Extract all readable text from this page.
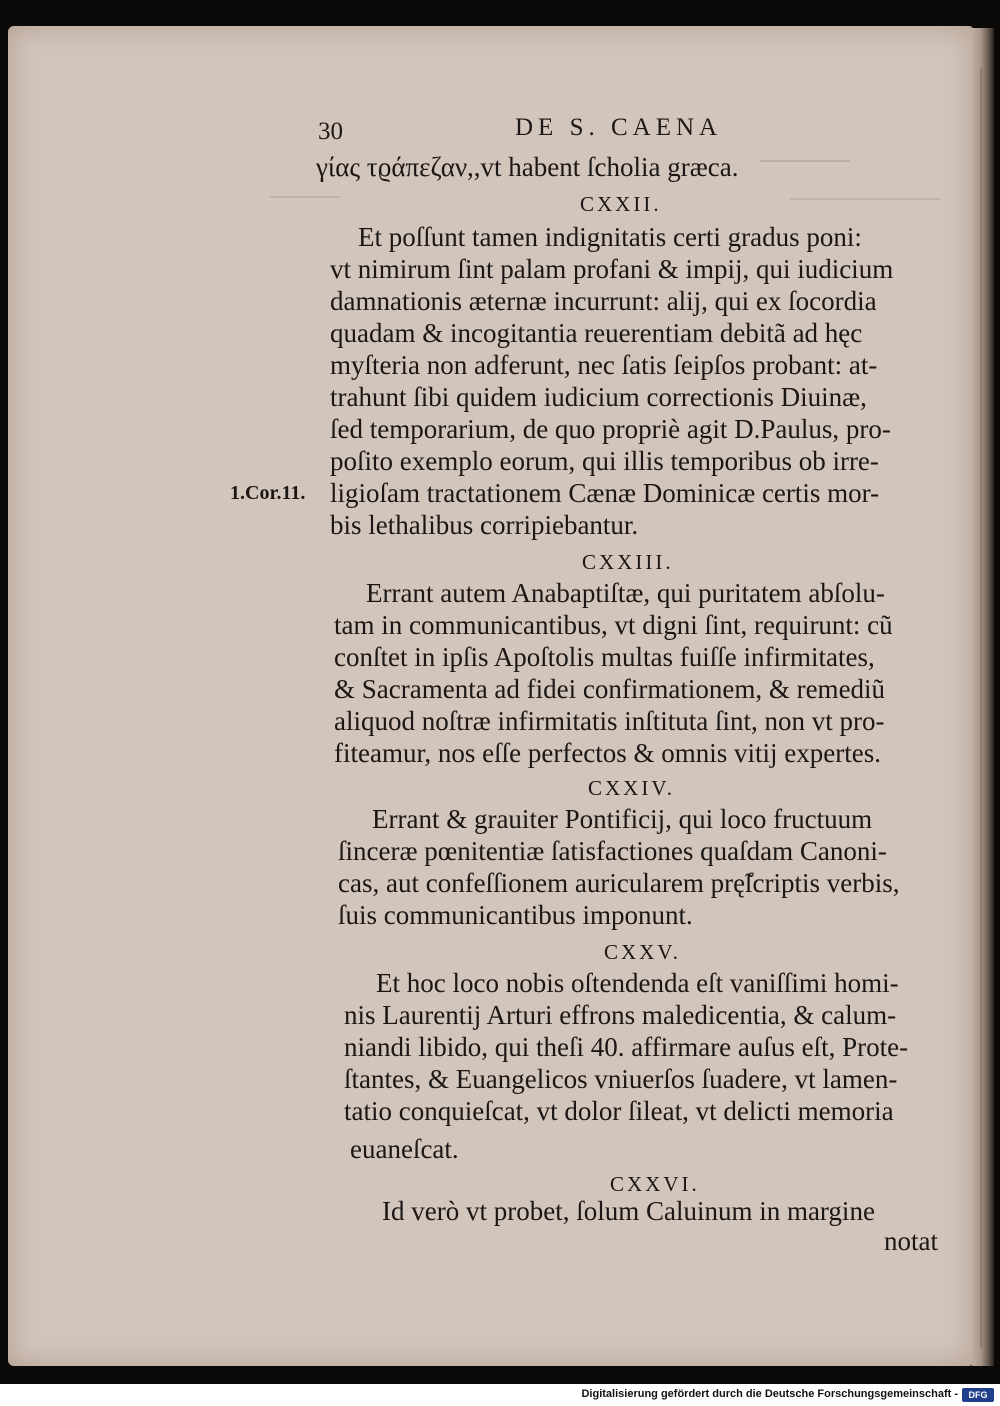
30	DE S. CAENA
1.Cor.11.
γίας τϱάπεζαν,,vt habent ſcholia græca.
CXXII.
Et poſſunt tamen indignitatis certi gradus poni:
vt nimirum ſint palam profani & impij, qui iudicium
damnationis æternæ incurrunt: alij, qui ex ſocordia
quadam & incogitantia reuerentiam debitã ad hęc
myſteria non adferunt, nec ſatis ſeipſos probant: at-
trahunt ſibi quidem iudicium correctionis Diuinæ,
ſed temporarium, de quo propriè agit D.Paulus, pro-
poſito exemplo eorum, qui illis temporibus ob irre-
ligioſam tractationem Cænæ Dominicæ certis mor-
bis lethalibus corripiebantur.
CXXIII.
Errant autem Anabaptiſtæ, qui puritatem abſolu-
tam in communicantibus, vt digni ſint, requirunt: cũ
conſtet in ipſis Apoſtolis multas fuiſſe infirmitates,
& Sacramenta ad fidei confirmationem, & remediũ
aliquod noſtræ infirmitatis inſtituta ſint, non vt pro-
fiteamur, nos eſſe perfectos & omnis vitij expertes.
CXXIV.
Errant & grauiter Pontificij, qui loco fructuum
ſinceræ pœnitentiæ ſatisfactiones quaſdam Canoni-
cas, aut confeſſionem auricularem prę̃ſcriptis verbis,
ſuis communicantibus imponunt.
CXXV.
Et hoc loco nobis oſtendenda eſt vaniſſimi homi-
nis Laurentij Arturi effrons maledicentia, & calum-
niandi libido, qui theſi 40. affirmare auſus eſt, Prote-
ſtantes, & Euangelicos vniuerſos ſuadere, vt lamen-
tatio conquieſcat, vt dolor ſileat, vt delicti memoria
euaneſcat.
CXXVI.
Id verò vt probet, ſolum Caluinum in margine
notat
Digitalisierung gefördert durch die Deutsche Forschungsgemeinschaft -	DFG
